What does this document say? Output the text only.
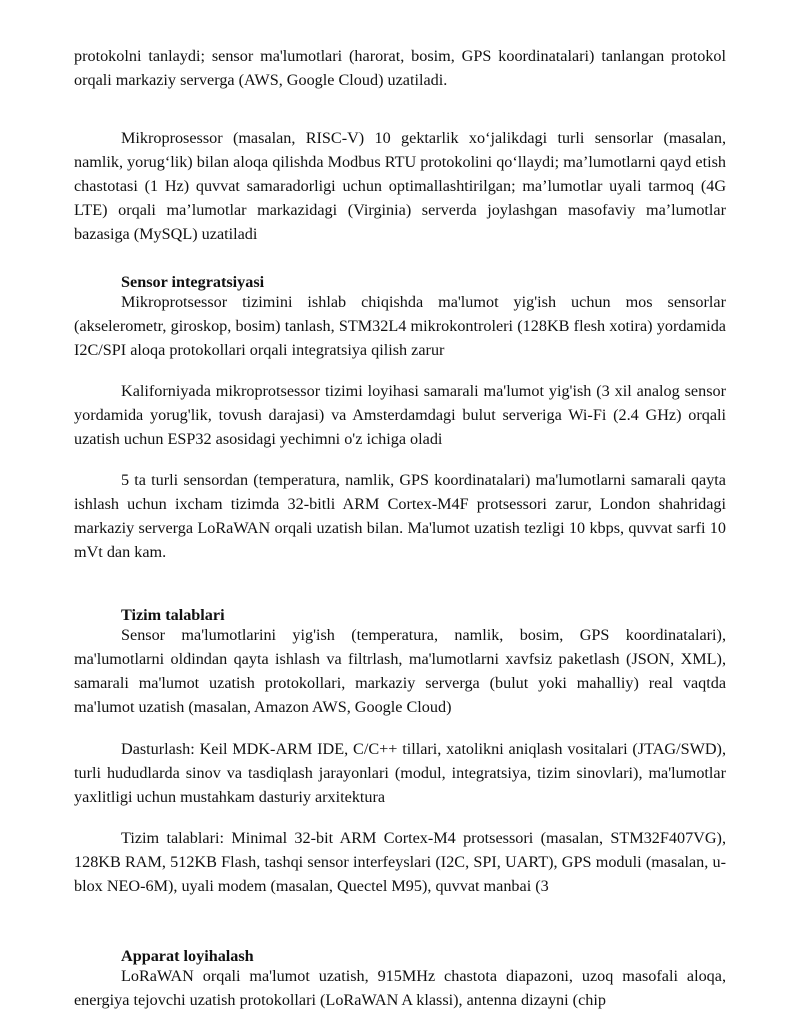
protokolni tanlaydi; sensor ma'lumotlari (harorat, bosim, GPS koordinatalari) tanlangan protokol orqali markaziy serverga (AWS, Google Cloud) uzatiladi.

Mikroprosessor (masalan, RISC-V) 10 gektarlik xo‘jalikdagi turli sensorlar (masalan, namlik, yorug‘lik) bilan aloqa qilishda Modbus RTU protokolini qo‘llaydi; ma’lumotlarni qayd etish chastotasi (1 Hz) quvvat samaradorligi uchun optimallashtirilgan; ma’lumotlar uyali tarmoq (4G LTE) orqali ma’lumotlar markazidagi (Virginia) serverda joylashgan masofaviy ma’lumotlar bazasiga (MySQL) uzatiladi

Sensor integratsiyasi

Mikroprotsessor tizimini ishlab chiqishda ma'lumot yig'ish uchun mos sensorlar (akselerometr, giroskop, bosim) tanlash, STM32L4 mikrokontroleri (128KB flesh xotira) yordamida I2C/SPI aloqa protokollari orqali integratsiya qilish zarur

Kaliforniyada mikroprotsessor tizimi loyihasi samarali ma'lumot yig'ish (3 xil analog sensor yordamida yorug'lik, tovush darajasi) va Amsterdamdagi bulut serveriga Wi-Fi (2.4 GHz) orqali uzatish uchun ESP32 asosidagi yechimni o'z ichiga oladi

5 ta turli sensordan (temperatura, namlik, GPS koordinatalari) ma'lumotlarni samarali qayta ishlash uchun ixcham tizimda 32-bitli ARM Cortex-M4F protsessori zarur, London shahridagi markaziy serverga LoRaWAN orqali uzatish bilan. Ma'lumot uzatish tezligi 10 kbps, quvvat sarfi 10 mVt dan kam.

Tizim talablari

Sensor ma'lumotlarini yig'ish (temperatura, namlik, bosim, GPS koordinatalari), ma'lumotlarni oldindan qayta ishlash va filtrlash, ma'lumotlarni xavfsiz paketlash (JSON, XML), samarali ma'lumot uzatish protokollari, markaziy serverga (bulut yoki mahalliy) real vaqtda ma'lumot uzatish (masalan, Amazon AWS, Google Cloud)

Dasturlash: Keil MDK-ARM IDE, C/C++ tillari, xatolikni aniqlash vositalari (JTAG/SWD), turli hududlarda sinov va tasdiqlash jarayonlari (modul, integratsiya, tizim sinovlari), ma'lumotlar yaxlitligi uchun mustahkam dasturiy arxitektura

Tizim talablari: Minimal 32-bit ARM Cortex-M4 protsessori (masalan, STM32F407VG), 128KB RAM, 512KB Flash, tashqi sensor interfeyslari (I2C, SPI, UART), GPS moduli (masalan, u-blox NEO-6M), uyali modem (masalan, Quectel M95), quvvat manbai (3

Apparat loyihalash

LoRaWAN orqali ma'lumot uzatish, 915MHz chastota diapazoni, uzoq masofali aloqa, energiya tejovchi uzatish protokollari (LoRaWAN A klassi), antenna dizayni (chip
